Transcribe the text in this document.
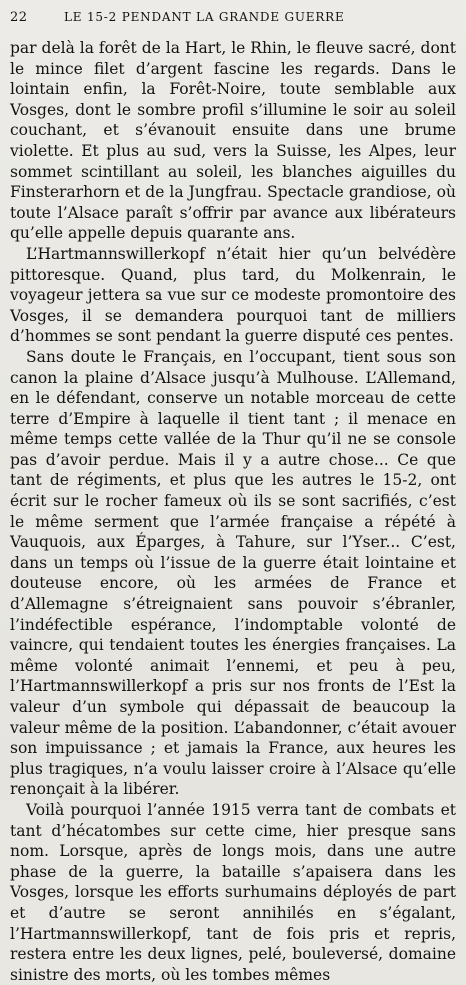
22	LE 15-2 PENDANT LA GRANDE GUERRE

par delà la forêt de la Hart, le Rhin, le fleuve sacré, dont le mince filet d’argent fascine les regards. Dans le lointain enfin, la Forêt-Noire, toute semblable aux Vosges, dont le sombre profil s’illumine le soir au soleil couchant, et s’évanouit ensuite dans une brume violette. Et plus au sud, vers la Suisse, les Alpes, leur sommet scintillant au soleil, les blanches aiguilles du Finsterarhorn et de la Jungfrau. Spectacle grandiose, où toute l’Alsace paraît s’offrir par avance aux libérateurs qu’elle appelle depuis quarante ans.

L’Hartmannswillerkopf n’était hier qu’un belvédère pittoresque. Quand, plus tard, du Molkenrain, le voyageur jettera sa vue sur ce modeste promontoire des Vosges, il se demandera pourquoi tant de milliers d’hommes se sont pendant la guerre disputé ces pentes.

Sans doute le Français, en l’occupant, tient sous son canon la plaine d’Alsace jusqu’à Mulhouse. L’Allemand, en le défendant, conserve un notable morceau de cette terre d’Empire à laquelle il tient tant ; il menace en même temps cette vallée de la Thur qu’il ne se console pas d’avoir perdue. Mais il y a autre chose... Ce que tant de régiments, et plus que les autres le 15-2, ont écrit sur le rocher fameux où ils se sont sacrifiés, c’est le même serment que l’armée française a répété à Vauquois, aux Éparges, à Tahure, sur l’Yser... C’est, dans un temps où l’issue de la guerre était lointaine et douteuse encore, où les armées de France et d’Allemagne s’étreignaient sans pouvoir s’ébranler, l’indéfectible espérance, l’indomptable volonté de vaincre, qui tendaient toutes les énergies françaises. La même volonté animait l’ennemi, et peu à peu, l’Hartmannswillerkopf a pris sur nos fronts de l’Est la valeur d’un symbole qui dépassait de beaucoup la valeur même de la position. L’abandonner, c’était avouer son impuissance ; et jamais la France, aux heures les plus tragiques, n’a voulu laisser croire à l’Alsace qu’elle renonçait à la libérer.

Voilà pourquoi l’année 1915 verra tant de combats et tant d’hécatombes sur cette cime, hier presque sans nom. Lorsque, après de longs mois, dans une autre phase de la guerre, la bataille s’apaisera dans les Vosges, lorsque les efforts surhumains déployés de part et d’autre se seront annihilés en s’égalant, l’Hartmannswillerkopf, tant de fois pris et repris, restera entre les deux lignes, pelé, bouleversé, domaine sinistre des morts, où les tombes mêmes
